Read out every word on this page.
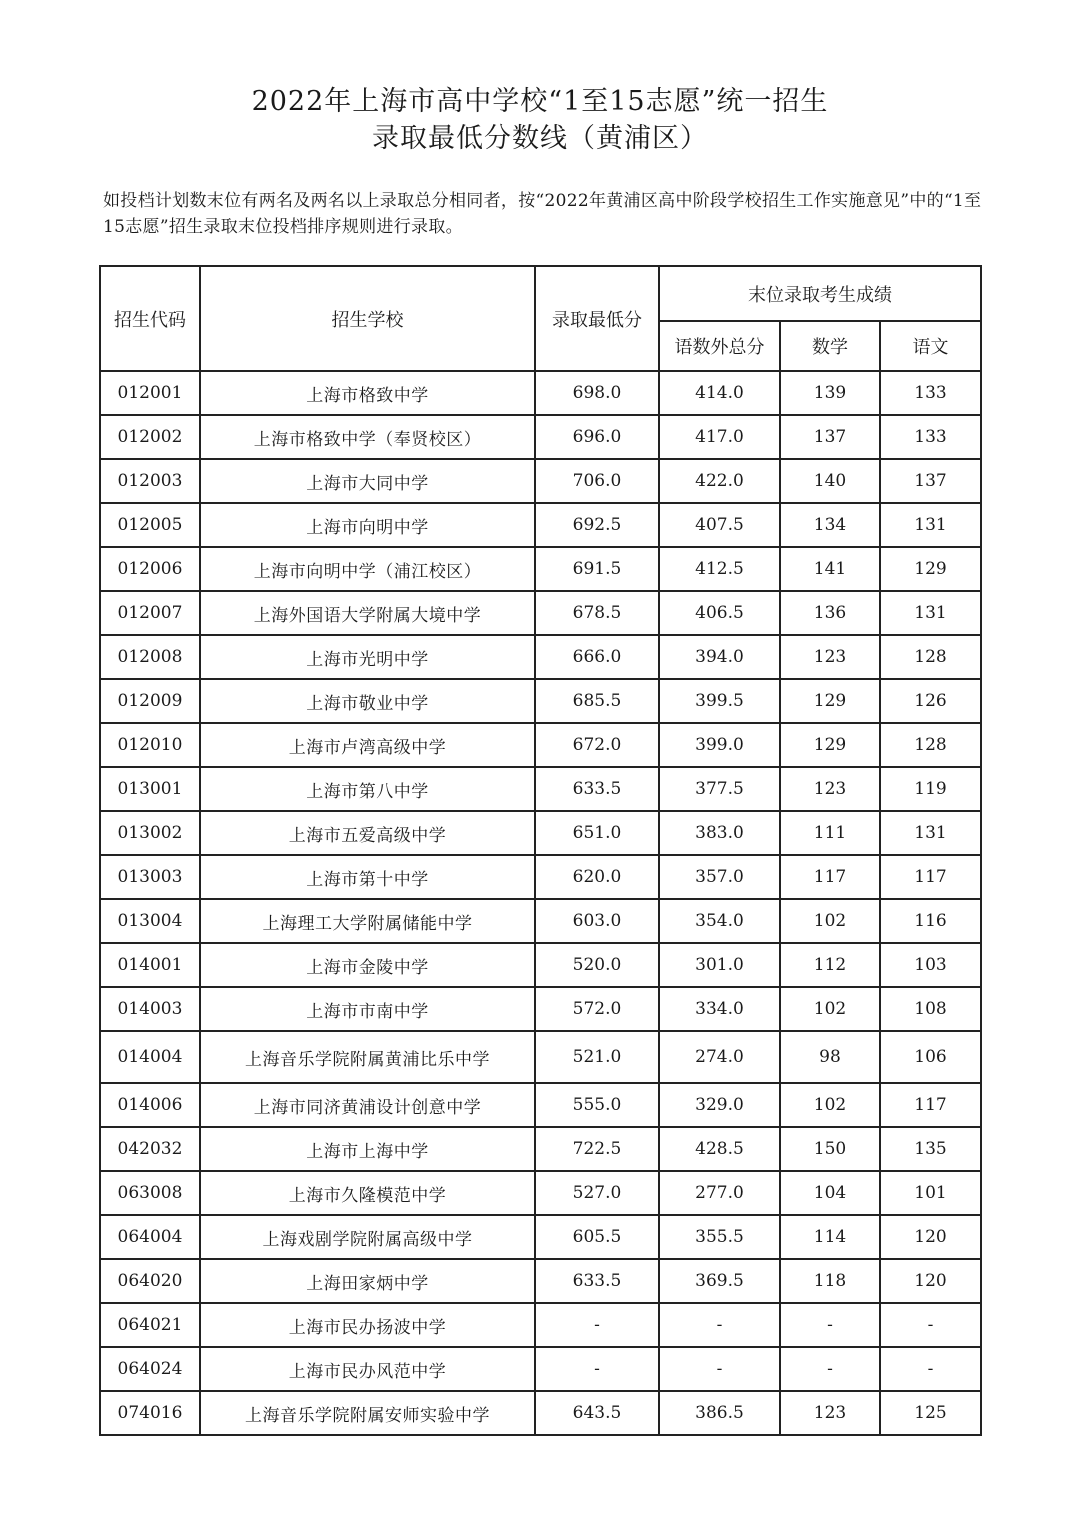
2022年上海市高中学校“1至15志愿”统一招生
录取最低分数线（黄浦区）
如投档计划数末位有两名及两名以上录取总分相同者，按“2022年黄浦区高中阶段学校招生工作实施意见”中的“1至15志愿”招生录取末位投档排序规则进行录取。
招生代码	招生学校	录取最低分	末位录取考生成绩		
			语数外总分	数学	语文
012001	上海市格致中学	698.0	414.0	139	133
012002	上海市格致中学（奉贤校区）	696.0	417.0	137	133
012003	上海市大同中学	706.0	422.0	140	137
012005	上海市向明中学	692.5	407.5	134	131
012006	上海市向明中学（浦江校区）	691.5	412.5	141	129
012007	上海外国语大学附属大境中学	678.5	406.5	136	131
012008	上海市光明中学	666.0	394.0	123	128
012009	上海市敬业中学	685.5	399.5	129	126
012010	上海市卢湾高级中学	672.0	399.0	129	128
013001	上海市第八中学	633.5	377.5	123	119
013002	上海市五爱高级中学	651.0	383.0	111	131
013003	上海市第十中学	620.0	357.0	117	117
013004	上海理工大学附属储能中学	603.0	354.0	102	116
014001	上海市金陵中学	520.0	301.0	112	103
014003	上海市市南中学	572.0	334.0	102	108
014004	上海音乐学院附属黄浦比乐中学	521.0	274.0	98	106
014006	上海市同济黄浦设计创意中学	555.0	329.0	102	117
042032	上海市上海中学	722.5	428.5	150	135
063008	上海市久隆模范中学	527.0	277.0	104	101
064004	上海戏剧学院附属高级中学	605.5	355.5	114	120
064020	上海田家炳中学	633.5	369.5	118	120
064021	上海市民办扬波中学	-	-	-	-
064024	上海市民办风范中学	-	-	-	-
074016	上海音乐学院附属安师实验中学	643.5	386.5	123	125
